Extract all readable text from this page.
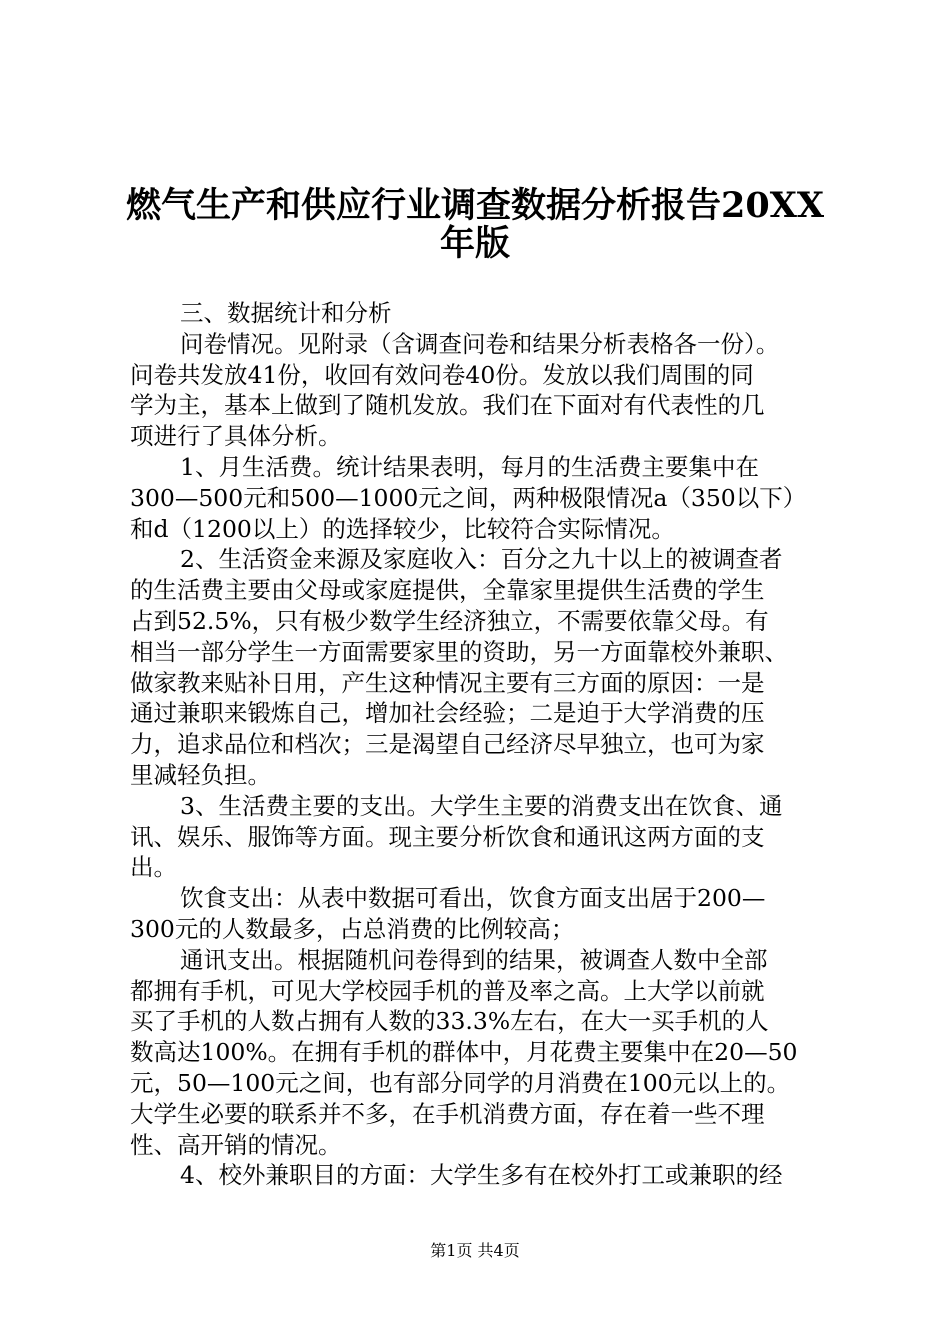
燃气生产和供应行业调查数据分析报告20XX
年版

三、数据统计和分析

问卷情况。见附录（含调查问卷和结果分析表格各一份）。

问卷共发放41份，收回有效问卷40份。发放以我们周围的同

学为主，基本上做到了随机发放。我们在下面对有代表性的几

项进行了具体分析。

1、月生活费。统计结果表明，每月的生活费主要集中在

300—500元和500—1000元之间，两种极限情况a（350以下）

和d（1200以上）的选择较少，比较符合实际情况。

2、生活资金来源及家庭收入：百分之九十以上的被调查者

的生活费主要由父母或家庭提供，全靠家里提供生活费的学生

占到52.5%，只有极少数学生经济独立，不需要依靠父母。有

相当一部分学生一方面需要家里的资助，另一方面靠校外兼职、

做家教来贴补日用，产生这种情况主要有三方面的原因：一是

通过兼职来锻炼自己，增加社会经验；二是迫于大学消费的压

力，追求品位和档次；三是渴望自己经济尽早独立，也可为家

里减轻负担。

3、生活费主要的支出。大学生主要的消费支出在饮食、通

讯、娱乐、服饰等方面。现主要分析饮食和通讯这两方面的支

出。

饮食支出：从表中数据可看出，饮食方面支出居于200—

300元的人数最多，占总消费的比例较高；

通讯支出。根据随机问卷得到的结果，被调查人数中全部

都拥有手机，可见大学校园手机的普及率之高。上大学以前就

买了手机的人数占拥有人数的33.3%左右，在大一买手机的人

数高达100%。在拥有手机的群体中，月花费主要集中在20—50

元，50—100元之间，也有部分同学的月消费在100元以上的。

大学生必要的联系并不多，在手机消费方面，存在着一些不理

性、高开销的情况。

4、校外兼职目的方面：大学生多有在校外打工或兼职的经

第1页 共4页
